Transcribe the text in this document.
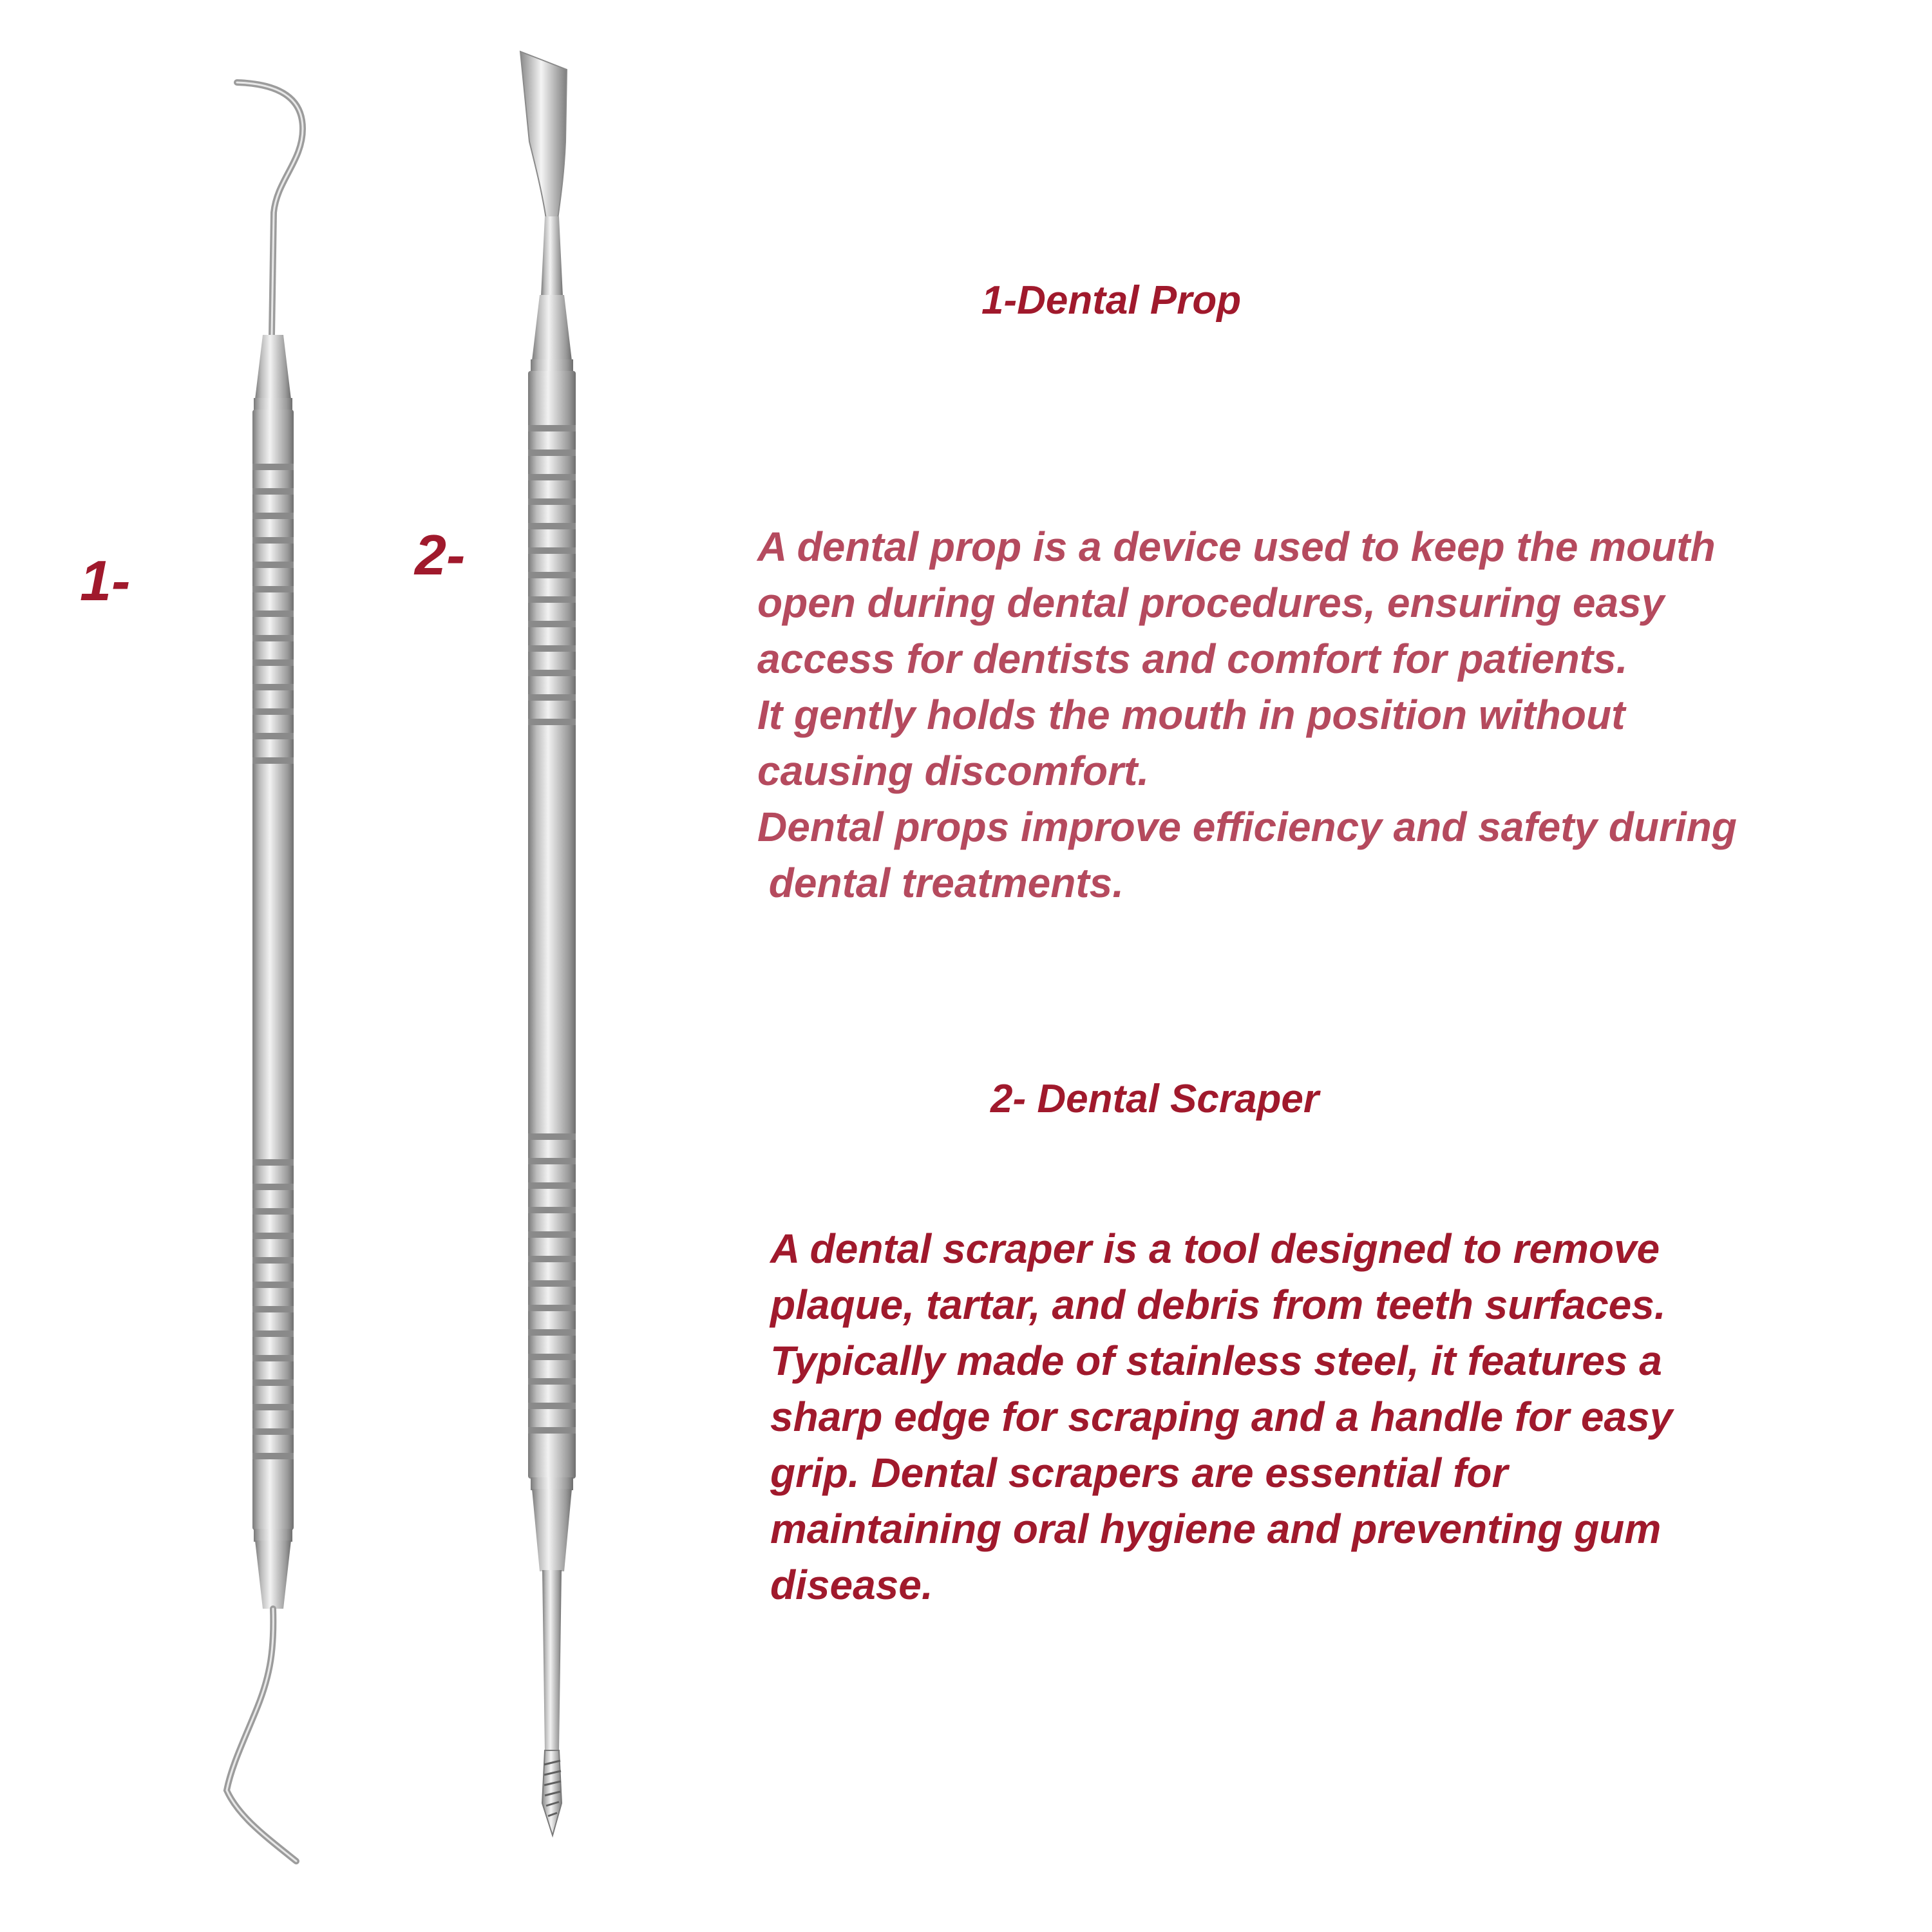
1-	2-
1-Dental Prop

A dental prop is a device used to keep the mouth
open during dental procedures, ensuring easy
access for dentists and comfort for patients.
It gently holds the mouth in position without
causing discomfort.
Dental props improve efficiency and safety during
dental treatments.

2- Dental Scraper

A dental scraper is a tool designed to remove
plaque, tartar, and debris from teeth surfaces.
Typically made of stainless steel, it features a
sharp edge for scraping and a handle for easy
grip. Dental scrapers are essential for
maintaining oral hygiene and preventing gum
disease.
